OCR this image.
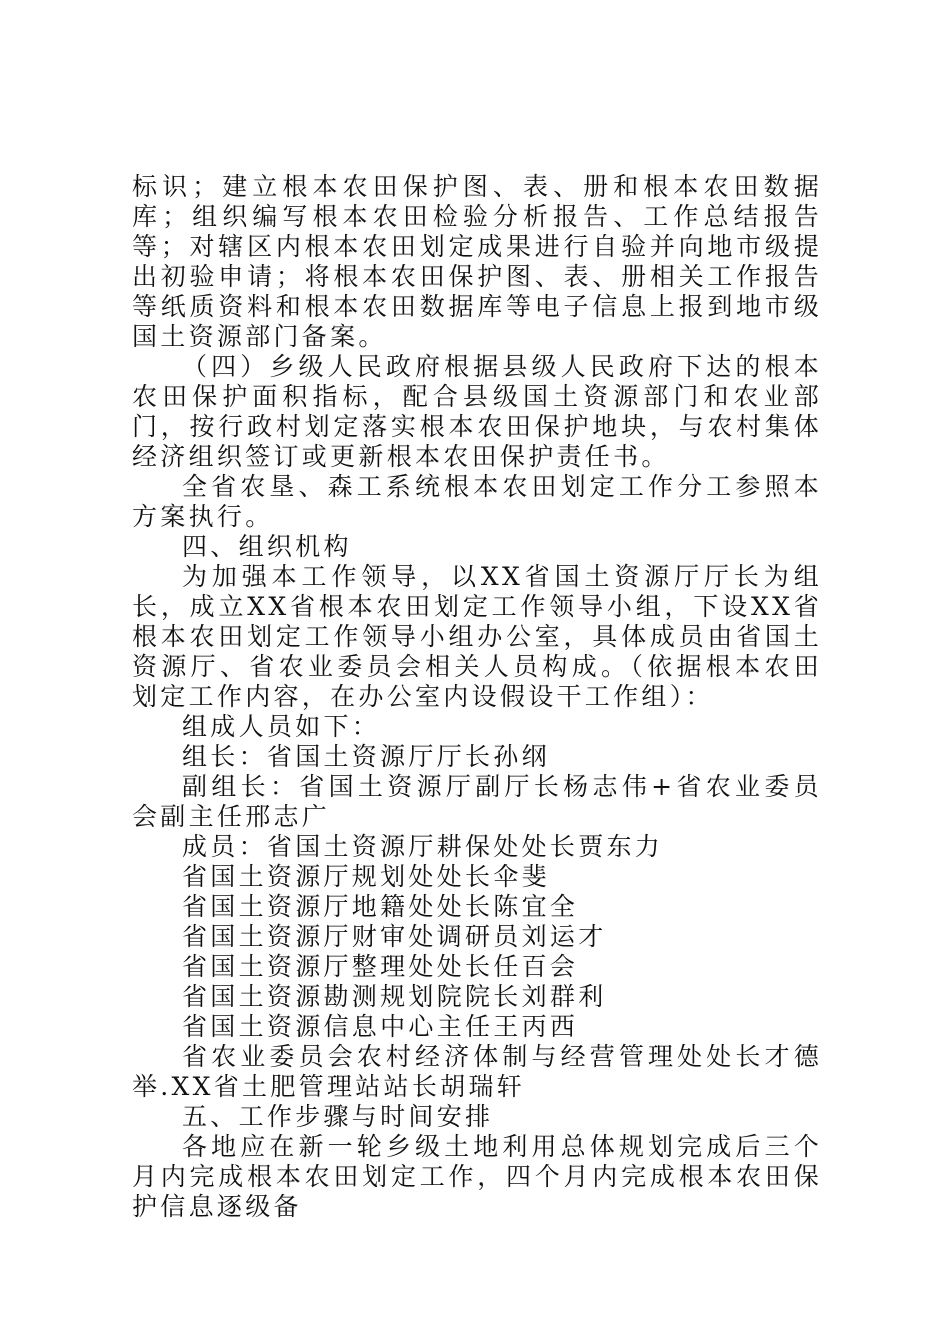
标识；建立根本农田保护图、表、册和根本农田数据库；组织编写根本农田检验分析报告、工作总结报告等；对辖区内根本农田划定成果进行自验并向地市级提出初验申请；将根本农田保护图、表、册相关工作报告等纸质资料和根本农田数据库等电子信息上报到地市级国土资源部门备案。

（四）乡级人民政府根据县级人民政府下达的根本农田保护面积指标，配合县级国土资源部门和农业部门，按行政村划定落实根本农田保护地块，与农村集体经济组织签订或更新根本农田保护责任书。

全省农垦、森工系统根本农田划定工作分工参照本方案执行。

四、组织机构

为加强本工作领导，以XX省国土资源厅厅长为组长，成立XX省根本农田划定工作领导小组，下设XX省根本农田划定工作领导小组办公室，具体成员由省国土资源厅、省农业委员会相关人员构成。（依据根本农田划定工作内容，在办公室内设假设干工作组）：

组成人员如下：

组长：省国土资源厅厅长孙纲

副组长：省国土资源厅副厅长杨志伟+省农业委员会副主任邢志广

成员：省国土资源厅耕保处处长贾东力

省国土资源厅规划处处长伞斐

省国土资源厅地籍处处长陈宜全

省国土资源厅财审处调研员刘运才

省国土资源厅整理处处长任百会

省国土资源勘测规划院院长刘群利

省国土资源信息中心主任王丙西

省农业委员会农村经济体制与经营管理处处长才德举.XX省土肥管理站站长胡瑞轩

五、工作步骤与时间安排

各地应在新一轮乡级土地利用总体规划完成后三个月内完成根本农田划定工作，四个月内完成根本农田保护信息逐级备
